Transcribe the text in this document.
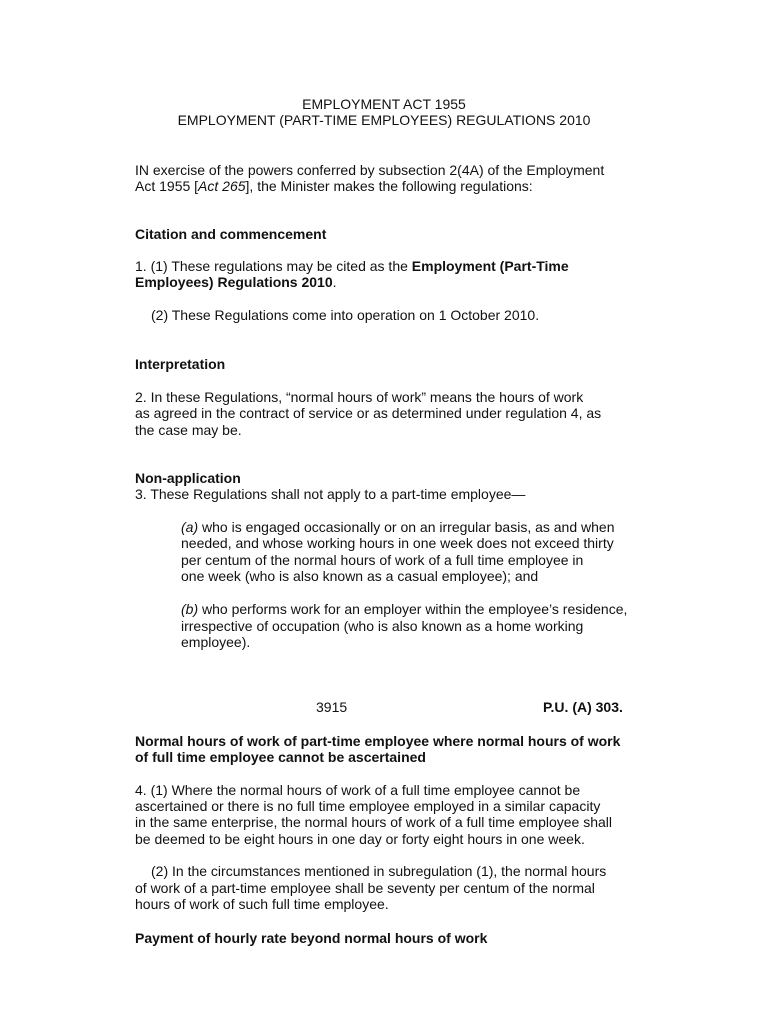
EMPLOYMENT ACT 1955
EMPLOYMENT (PART-TIME EMPLOYEES) REGULATIONS 2010
IN exercise of the powers conferred by subsection 2(4A) of the Employment
Act 1955 [Act 265], the Minister makes the following regulations:
Citation and commencement
1. (1) These regulations may be cited as the Employment (Part-Time
Employees) Regulations 2010.
(2) These Regulations come into operation on 1 October 2010.
Interpretation
2. In these Regulations, “normal hours of work” means the hours of work
as agreed in the contract of service or as determined under regulation 4, as
the case may be.
Non-application
3. These Regulations shall not apply to a part-time employee—
(a) who is engaged occasionally or on an irregular basis, as and when
needed, and whose working hours in one week does not exceed thirty
per centum of the normal hours of work of a full time employee in
one week (who is also known as a casual employee); and
(b) who performs work for an employer within the employee’s residence,
irrespective of occupation (who is also known as a home working
employee).
3915	P.U. (A) 303.
Normal hours of work of part-time employee where normal hours of work
of full time employee cannot be ascertained
4. (1) Where the normal hours of work of a full time employee cannot be
ascertained or there is no full time employee employed in a similar capacity
in the same enterprise, the normal hours of work of a full time employee shall
be deemed to be eight hours in one day or forty eight hours in one week.
(2) In the circumstances mentioned in subregulation (1), the normal hours
of work of a part-time employee shall be seventy per centum of the normal
hours of work of such full time employee.
Payment of hourly rate beyond normal hours of work
